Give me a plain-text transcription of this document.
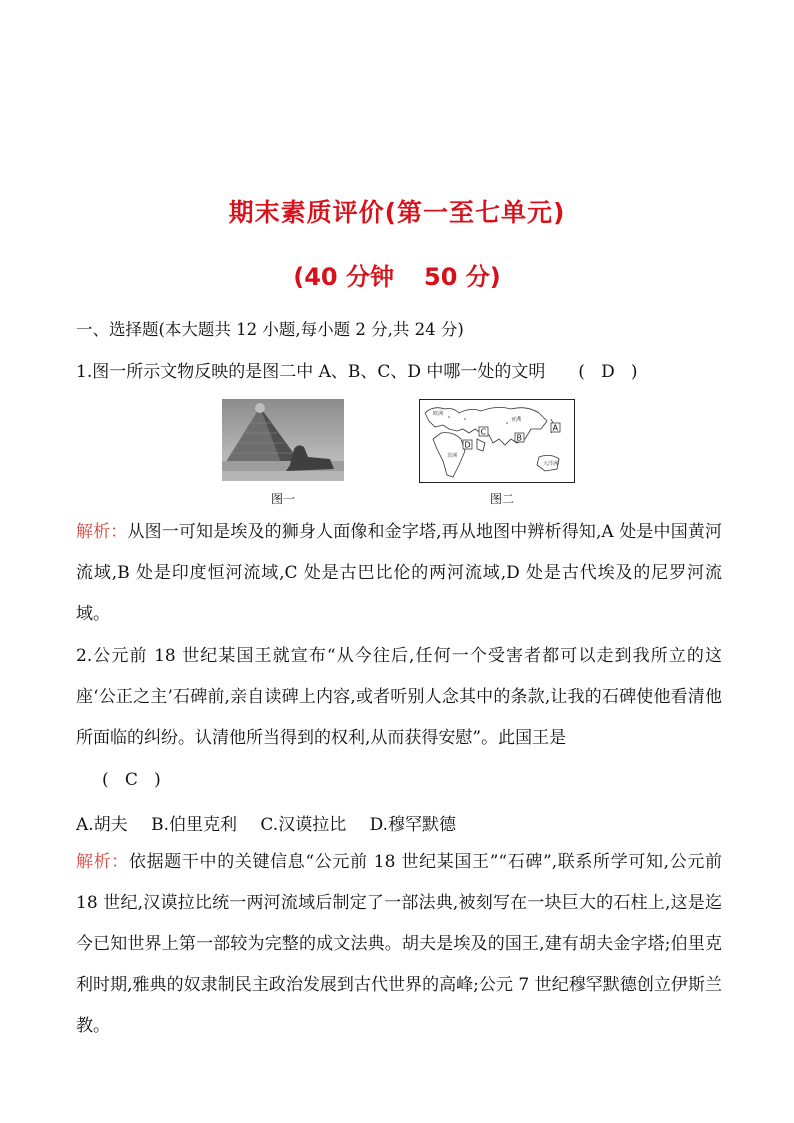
期末素质评价(第一至七单元)
(40 分钟 50 分)
一、选择题(本大题共 12 小题,每小题 2 分,共 24 分)
1.图一所示文物反映的是图二中 A、B、C、D 中哪一处的文明 (   D   )
图一
欧洲
亚洲
非洲
大洋洲
A
B
C
D
图二
解析：从图一可知是埃及的狮身人面像和金字塔,再从地图中辨析得知,A 处是中国黄河流域,B 处是印度恒河流域,C 处是古巴比伦的两河流域,D 处是古代埃及的尼罗河流域。
2.公元前 18 世纪某国王就宣布“从今往后,任何一个受害者都可以走到我所立的这座‘公正之主’石碑前,亲自读碑上内容,或者听别人念其中的条款,让我的石碑使他看清他所面临的纠纷。认清他所当得到的权利,从而获得安慰”。此国王是
(   C   )
A.胡夫 B.伯里克利 C.汉谟拉比 D.穆罕默德
解析：依据题干中的关键信息“公元前 18 世纪某国王”“石碑”,联系所学可知,公元前 18 世纪,汉谟拉比统一两河流域后制定了一部法典,被刻写在一块巨大的石柱上,这是迄今已知世界上第一部较为完整的成文法典。胡夫是埃及的国王,建有胡夫金字塔;伯里克利时期,雅典的奴隶制民主政治发展到古代世界的高峰;公元 7 世纪穆罕默德创立伊斯兰教。
